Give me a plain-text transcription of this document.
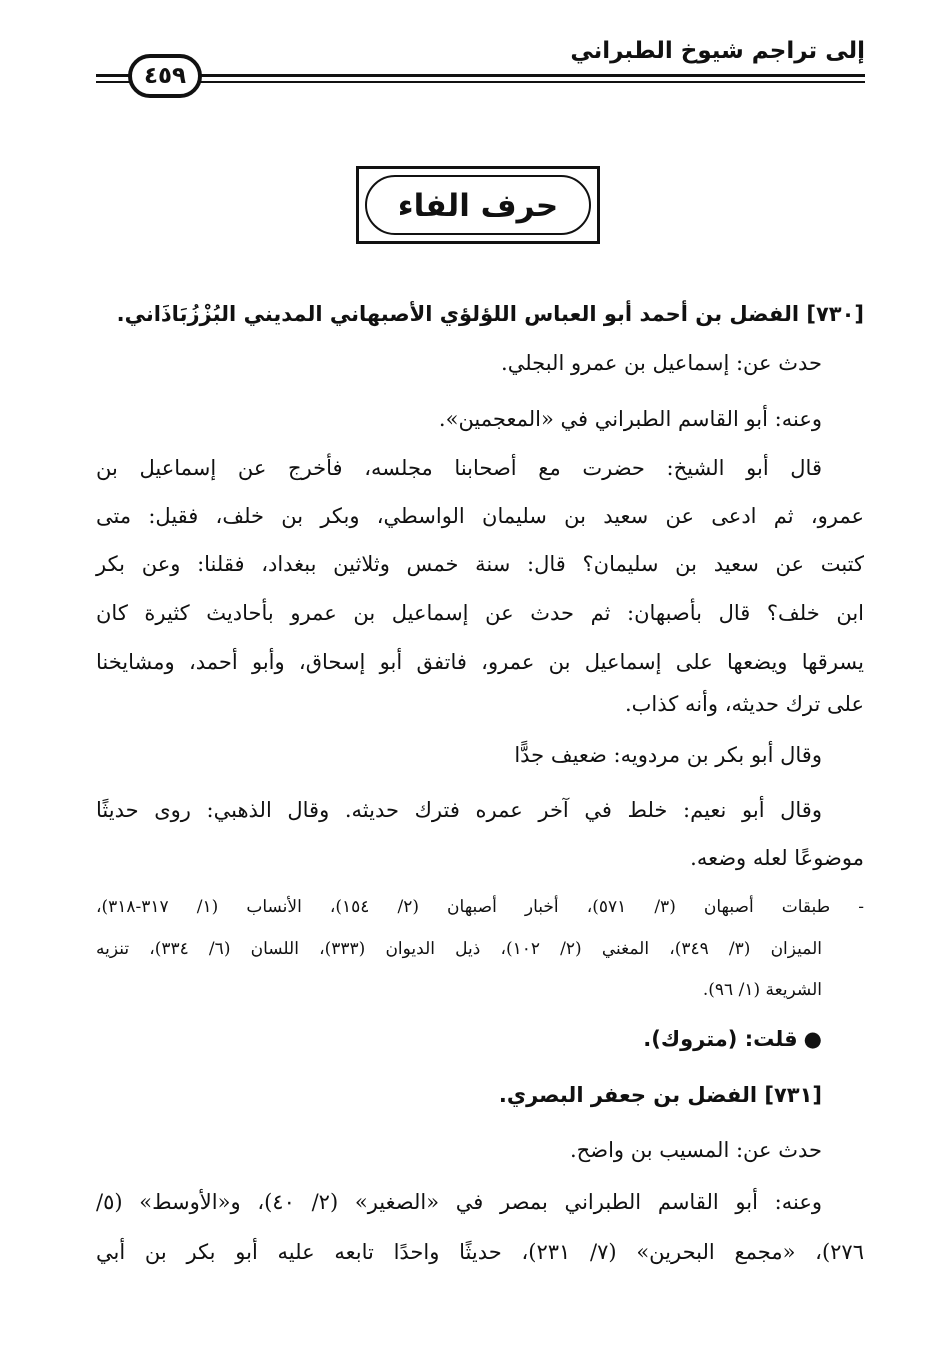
إلى تراجم شيوخ الطبراني
٤٥٩
حرف الفاء
[٧٣٠] الفضل بن أحمد أبو العباس اللؤلؤي الأصبهاني المديني البُزْزُبَاذَاني.
حدث عن: إسماعيل بن عمرو البجلي.
وعنه: أبو القاسم الطبراني في «المعجمين».
قال أبو الشيخ: حضرت مع أصحابنا مجلسه، فأخرج عن إسماعيل بن
عمرو، ثم ادعى عن سعيد بن سليمان الواسطي، وبكر بن خلف، فقيل: متى
كتبت عن سعيد بن سليمان؟ قال: سنة خمس وثلاثين ببغداد، فقلنا: وعن بكر
ابن خلف؟ قال بأصبهان: ثم حدث عن إسماعيل بن عمرو بأحاديث كثيرة كان
يسرقها ويضعها على إسماعيل بن عمرو، فاتفق أبو إسحاق، وأبو أحمد، ومشايخنا
على ترك حديثه، وأنه كذاب.
وقال أبو بكر بن مردويه: ضعيف جدًّا
وقال أبو نعيم: خلط في آخر عمره فترك حديثه. وقال الذهبي: روى حديثًا
موضوعًا لعله وضعه.
- طبقات أصبهان (٣/ ٥٧١)، أخبار أصبهان (٢/ ١٥٤)، الأنساب (١/ ٣١٧-٣١٨)،
الميزان (٣/ ٣٤٩)، المغني (٢/ ١٠٢)، ذيل الديوان (٣٣٣)، اللسان (٦/ ٣٣٤)، تنزيه
الشريعة (١/ ٩٦).
●قلت: (متروك).
[٧٣١] الفضل بن جعفر البصري.
حدث عن: المسيب بن واضح.
وعنه: أبو القاسم الطبراني بمصر في «الصغير» (٢/ ٤٠)، و«الأوسط» (٥/
٢٧٦)، «مجمع البحرين» (٧/ ٢٣١)، حديثًا واحدًا تابعه عليه أبو بكر بن أبي
